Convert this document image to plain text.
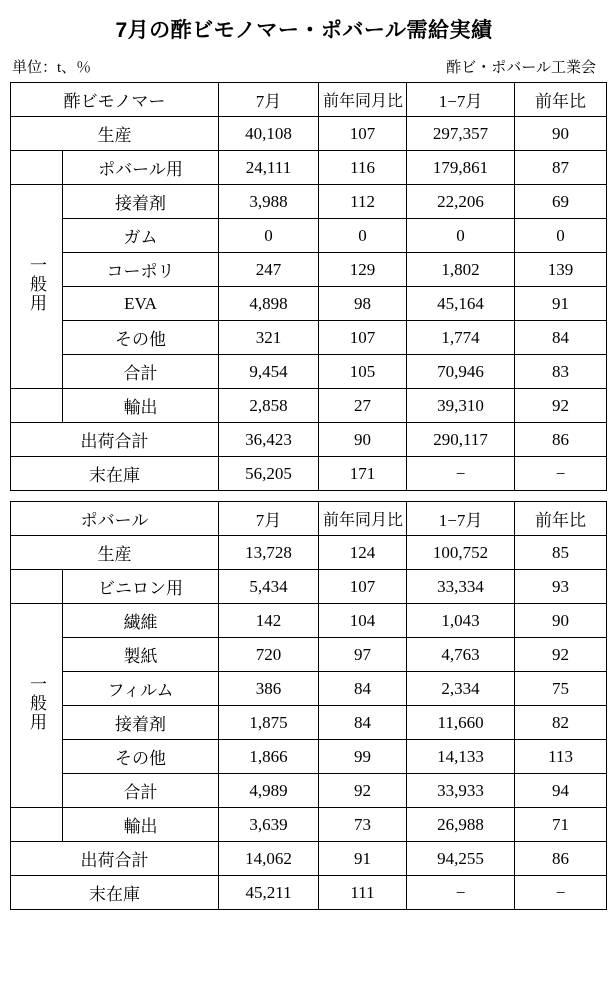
7月の酢ビモノマー・ポバール需給実績
単位：t、％	酢ビ・ポバール工業会
酢ビモノマー		7月	前年同月比	1−7月	前年比
生産		40,108	107	297,357	90
	ポバール用	24,111	116	179,861	87
一般用	接着剤	3,988	112	22,206	69
	ガム	0	0	0	0
	コーポリ	247	129	1,802	139
	EVA	4,898	98	45,164	91
	その他	321	107	1,774	84
	合計	9,454	105	70,946	83
	輸出	2,858	27	39,310	92
出荷合計		36,423	90	290,117	86
末在庫		56,205	171	−	−
ポバール		7月	前年同月比	1−7月	前年比
生産		13,728	124	100,752	85
	ビニロン用	5,434	107	33,334	93
一般用	繊維	142	104	1,043	90
	製紙	720	97	4,763	92
	フィルム	386	84	2,334	75
	接着剤	1,875	84	11,660	82
	その他	1,866	99	14,133	113
	合計	4,989	92	33,933	94
	輸出	3,639	73	26,988	71
出荷合計		14,062	91	94,255	86
末在庫		45,211	111	−	−
